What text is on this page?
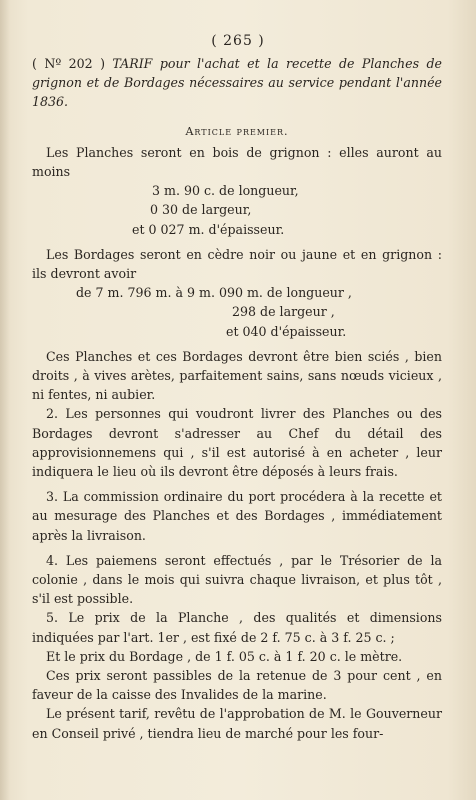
( 265 )

( Nº 202 ) TARIF pour l'achat et la recette de Planches de grignon et de Bordages nécessaires au service pendant l'année 1836.

Article premier.

Les Planches seront en bois de grignon : elles auront au moins

3 m. 90 c. de longueur,
0 30 de largeur,
et 0 027 m. d'épaisseur.

Les Bordages seront en cèdre noir ou jaune et en grignon : ils devront avoir

de 7 m. 796 m. à 9 m. 090 m. de longueur ,
298 de largeur ,
et 040 d'épaisseur.

Ces Planches et ces Bordages devront être bien sciés , bien droits , à vives arètes, parfaitement sains, sans nœuds vicieux , ni fentes, ni aubier.

2. Les personnes qui voudront livrer des Planches ou des Bordages devront s'adresser au Chef du détail des approvisionnemens qui , s'il est autorisé à en acheter , leur indiquera le lieu où ils devront être déposés à leurs frais.

3. La commission ordinaire du port procédera à la recette et au mesurage des Planches et des Bordages , immédiatement après la livraison.

4. Les paiemens seront effectués , par le Trésorier de la colonie , dans le mois qui suivra chaque livraison, et plus tôt , s'il est possible.

5. Le prix de la Planche , des qualités et dimensions indiquées par l'art. 1er , est fixé de 2 f. 75 c. à 3 f. 25 c. ;

Et le prix du Bordage , de 1 f. 05 c. à 1 f. 20 c. le mètre.

Ces prix seront passibles de la retenue de 3 pour cent , en faveur de la caisse des Invalides de la marine.

Le présent tarif, revêtu de l'approbation de M. le Gouverneur en Conseil privé , tiendra lieu de marché pour les four-
